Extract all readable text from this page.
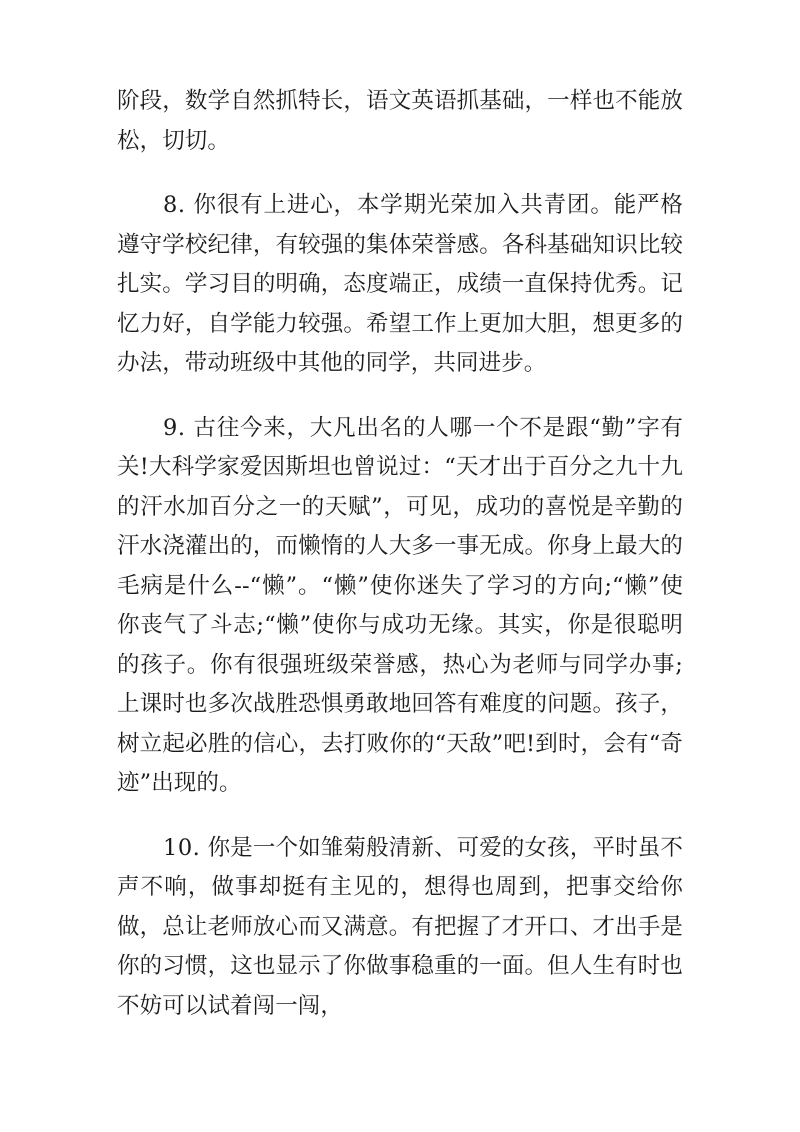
阶段，数学自然抓特长，语文英语抓基础，一样也不能放松，切切。

8. 你很有上进心，本学期光荣加入共青团。能严格遵守学校纪律，有较强的集体荣誉感。各科基础知识比较扎实。学习目的明确，态度端正，成绩一直保持优秀。记忆力好，自学能力较强。希望工作上更加大胆，想更多的办法，带动班级中其他的同学，共同进步。

9. 古往今来，大凡出名的人哪一个不是跟“勤”字有关!大科学家爱因斯坦也曾说过：“天才出于百分之九十九的汗水加百分之一的天赋”，可见，成功的喜悦是辛勤的汗水浇灌出的，而懒惰的人大多一事无成。你身上最大的毛病是什么--“懒”。“懒”使你迷失了学习的方向;“懒”使你丧气了斗志;“懒”使你与成功无缘。其实，你是很聪明的孩子。你有很强班级荣誉感，热心为老师与同学办事;上课时也多次战胜恐惧勇敢地回答有难度的问题。孩子，树立起必胜的信心，去打败你的“天敌”吧!到时，会有“奇迹”出现的。

10. 你是一个如雏菊般清新、可爱的女孩，平时虽不声不响，做事却挺有主见的，想得也周到，把事交给你做，总让老师放心而又满意。有把握了才开口、才出手是你的习惯，这也显示了你做事稳重的一面。但人生有时也不妨可以试着闯一闯，
